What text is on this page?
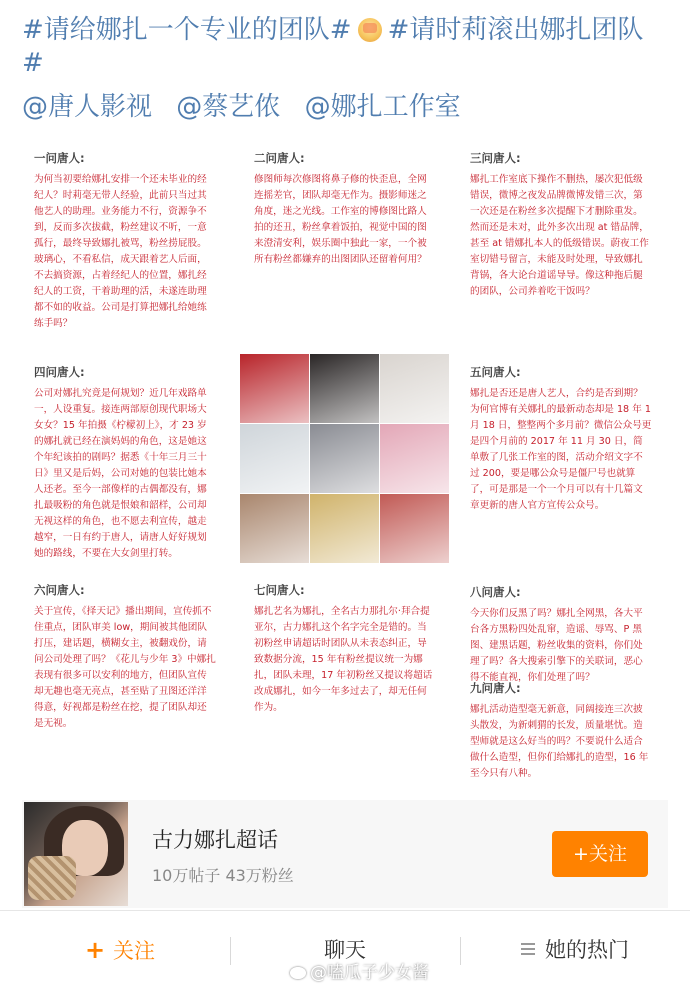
#请给娜扎一个专业的团队# #请时莉滚出娜扎团队
#
@唐人影视 @蔡艺侬 @娜扎工作室
一问唐人:

为何当初要给娜扎安排一个还未毕业的经纪人？时莉毫无带人经验，此前只当过其他艺人的助理。业务能力不行，资源争不到，反而多次拔截，粉丝建议不听，一意孤行，最终导致娜扎被骂，粉丝捞屁股。玻璃心，不看私信，成天跟着艺人后面，不去搞资源，占着经纪人的位置，娜扎经纪人的工资，干着助理的活，未遂连助理都不如的收益。公司是打算把娜扎给她练练手吗？

二问唐人:

修图师每次修图将鼻子修的快歪息，全网连摇差官，团队却毫无作为。摄影师迷之角度，迷之光线。工作室的博修图比路人拍的还丑，粉丝拿着饭拍，视觉中国的图来澄清安利，娱乐圈中独此一家，一个被所有粉丝都嫌弃的出图团队还留着何用？

三问唐人:

娜扎工作室底下操作不删热，屡次犯低级错误，微博之夜发品牌微博发错三次，第一次还是在粉丝多次提醒下才删除重发。然而还是未对，此外多次出现 at 错品牌，甚至 at 错娜扎本人的低级错误。蔚夜工作室切错号留言，未能及时处理，导致娜扎背锅，各大论台道谣导导。像这种拖后腿的团队，公司养着吃干饭吗？

四问唐人:

公司对娜扎究竟是何规划？近几年戏路单一，人设重复。接连两部原创现代职场大女女？15 年拍摄《柠檬初上》，才 23 岁的娜扎就已经在演妈妈的角色，这是她这个年纪该拍的剧吗？据悉《十年三月三十日》里又是后妈，公司对她的包装比她本人还老。至今一部像样的古偶都没有，娜扎最吸粉的角色就是恨娘和韶样，公司却无视这样的角色，也不愿去利宣传，越走越窄，一日有约于唐人，请唐人好好规划她的路线，不要在大女剑里打转。

五问唐人:

娜扎是否还是唐人艺人，合约是否到期？为何官博有关娜扎的最新动态却是 18 年 1 月 18 日，整整两个多月前？微信公众号更是四个月前的 2017 年 11 月 30 日，简单敷了几张工作室的图，活动介绍文字不过 200，要是哪公众号是僵尸号也就算了，可是那是一个一个月可以有十几篇文章更新的唐人官方宣传公众号。

六问唐人:

关于宣传，《择天记》播出期间，宣传抓不住重点，团队审美 low，期间被其他团队打压，建话题，横糊女主，被翻戏份，请问公司处理了吗？《花儿与少年 3》中娜扎表现有很多可以安利的地方，但团队宣传却无趣也毫无亮点，甚至贴了丑图还洋洋得意，好视都是粉丝在挖，提了团队却还是无视。

七问唐人:

娜扎艺名为娜扎，全名古力那扎尔·拜合提亚尔，古力娜扎这个名字完全是错的。当初粉丝申请超话时团队从未表态纠正，导致数据分流，15 年有粉丝提议统一为娜扎，团队未理，17 年初粉丝又提议将超话改成娜扎，如今一年多过去了，却无任何作为。

八问唐人:

今天你们反黑了吗？娜扎全网黑，各大平台各方黑粉四处乱窜，造谣、辱骂、P 黑图、建黑话题，粉丝收集的资料，你们处理了吗？各大搜索引擎下的关联词，恶心得不能直视，你们处理了吗？

九问唐人:

娜扎活动造型毫无新意，同阔接连三次披头散发，为新刺猬的长发，质量堪忧。造型师就是这么好当的吗？不要说什么适合做什么造型，但你们给娜扎的造型，16 年至今只有八种。

古力娜扎超话
10万帖子 43万粉丝
+关注
+ 关注	聊天	她的热门
@嗑瓜子少女酱
